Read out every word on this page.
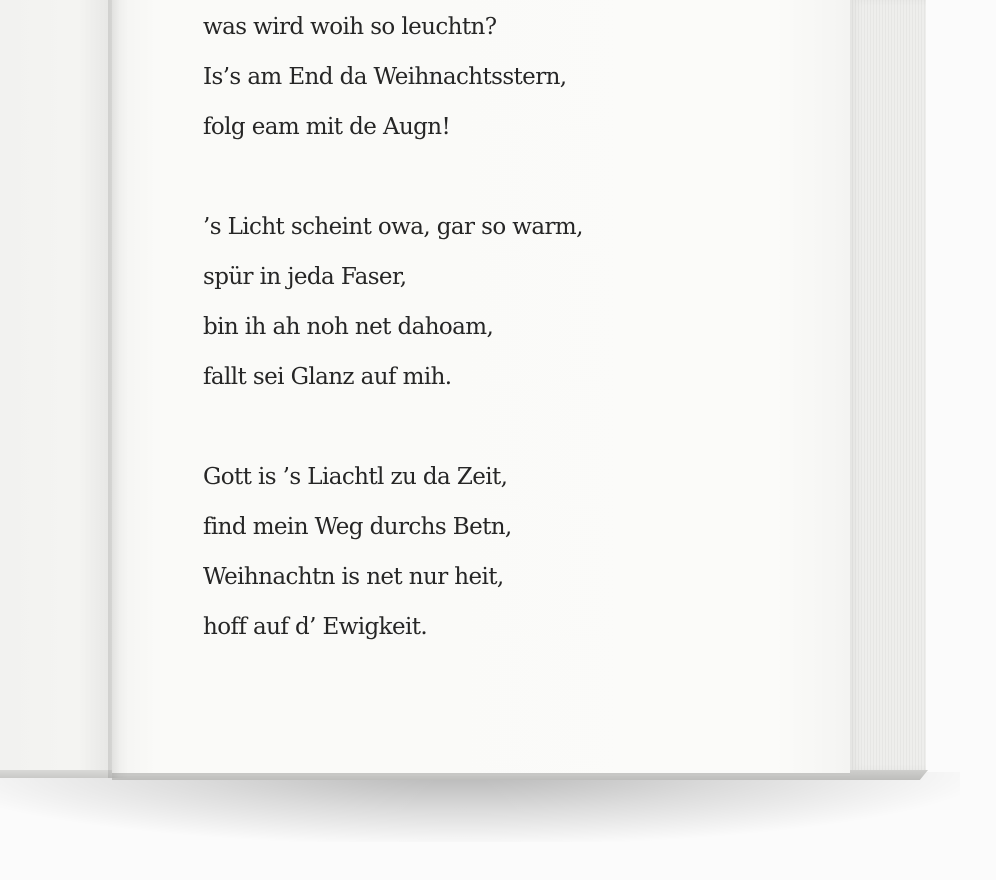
was wird woih so leuchtn?
Is’s am End da Weihnachtsstern,
folg eam mit de Augn!
’s Licht scheint owa, gar so warm,
spür in jeda Faser,
bin ih ah noh net dahoam,
fallt sei Glanz auf mih.
Gott is ’s Liachtl zu da Zeit,
find mein Weg durchs Betn,
Weihnachtn is net nur heit,
hoff auf d’ Ewigkeit.
